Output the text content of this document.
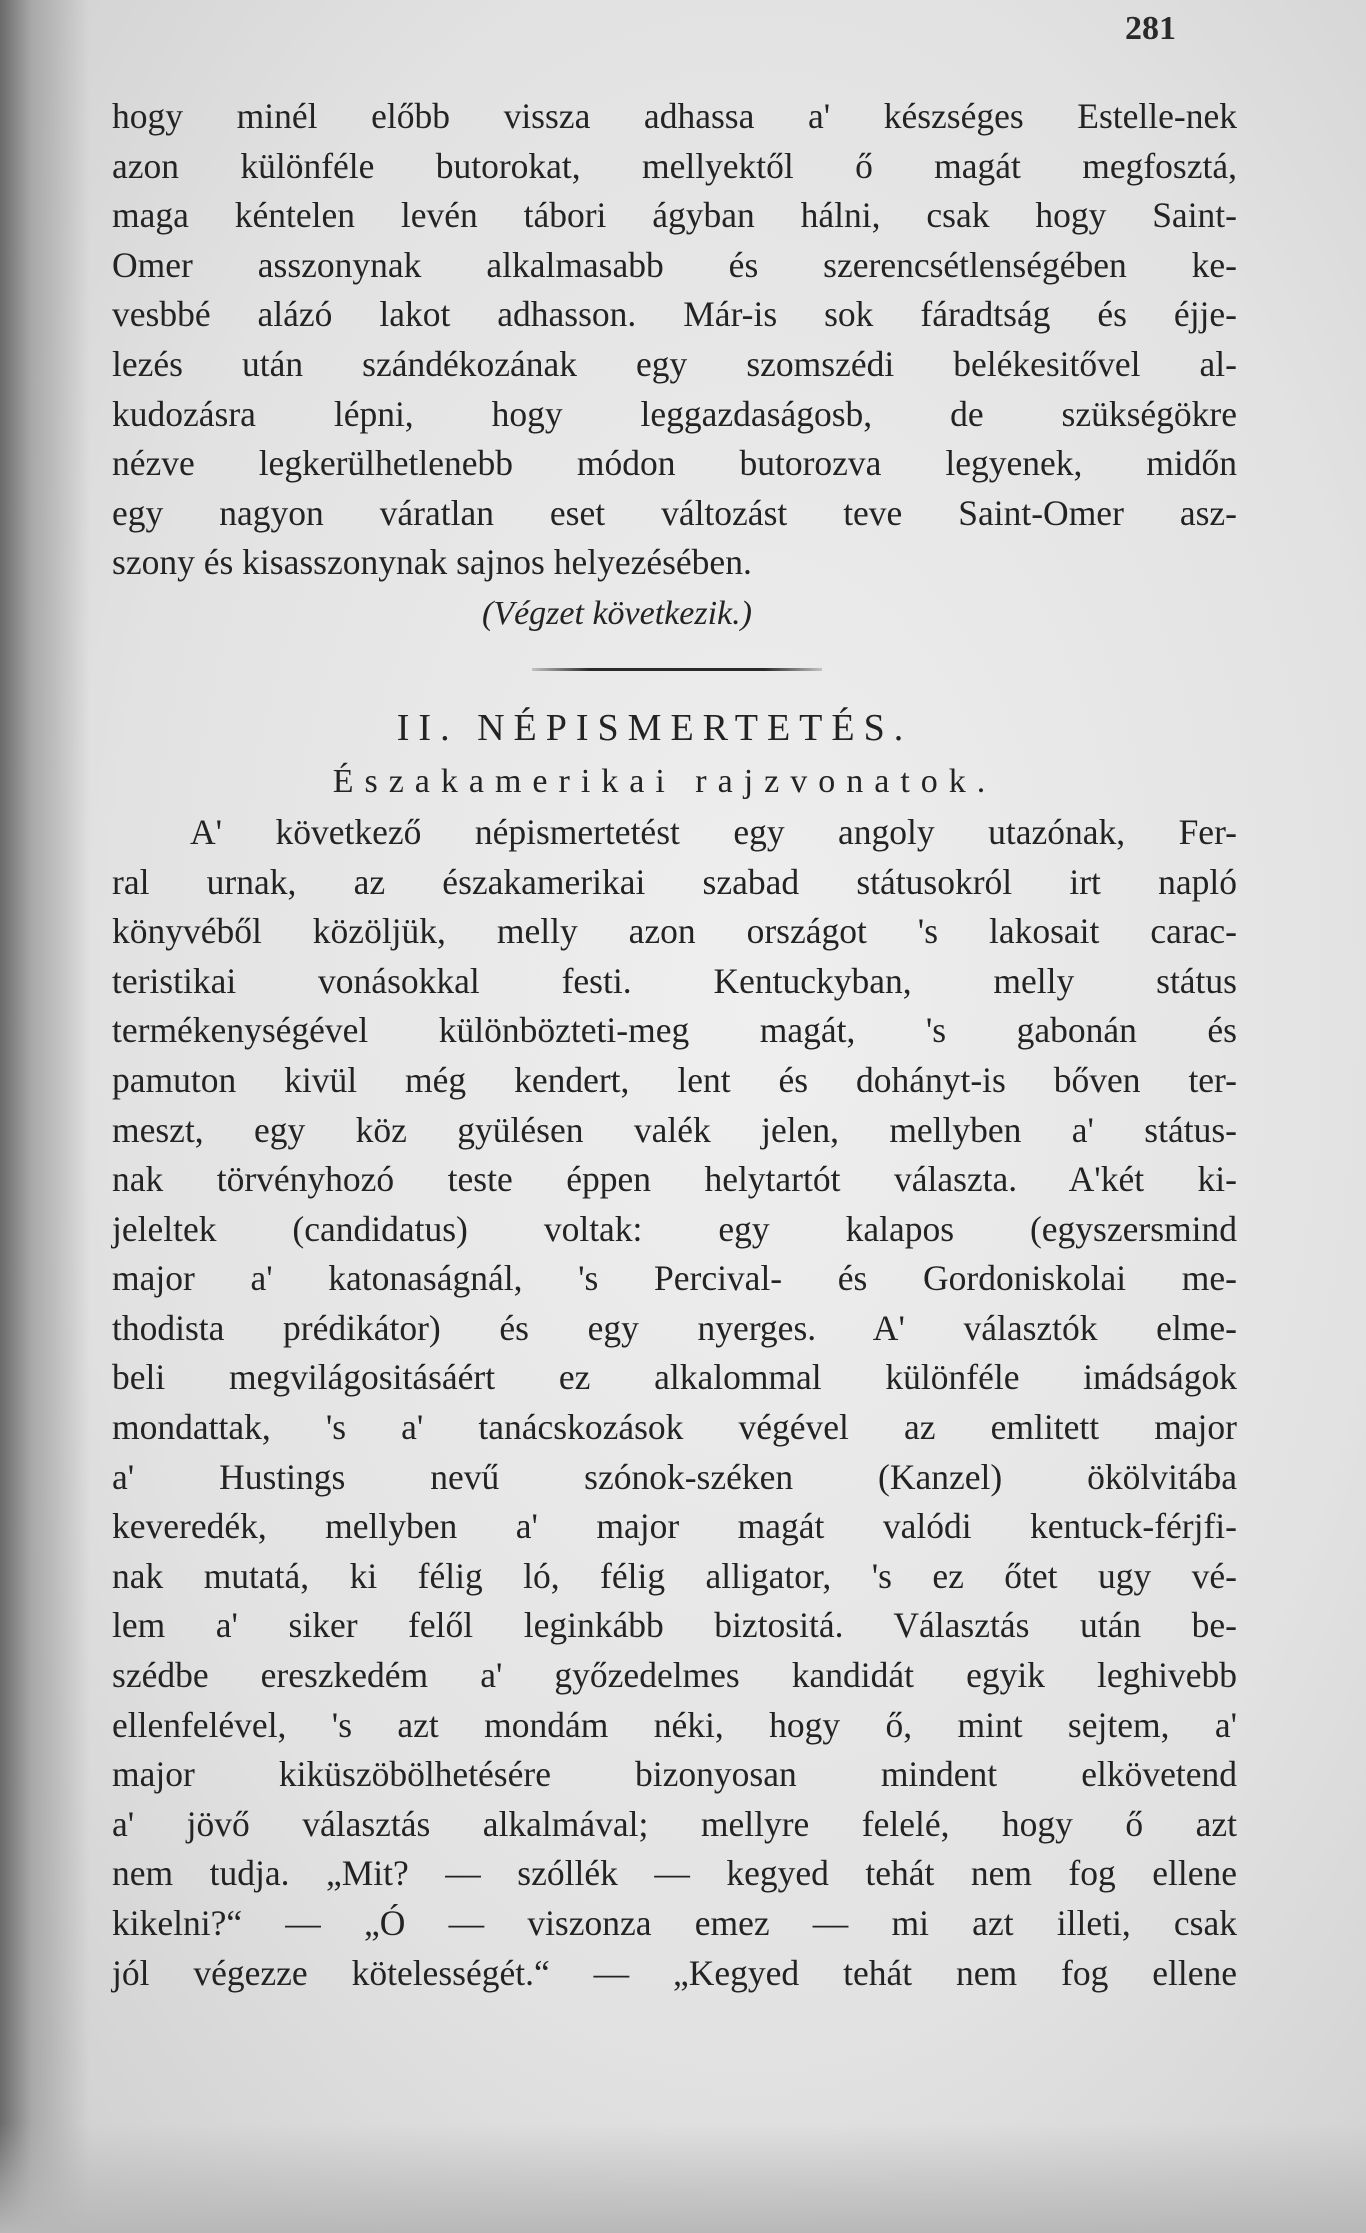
281
hogy minél előbb vissza adhassa a' készséges Estelle-nek
azon különféle butorokat, mellyektől ő magát megfosztá,
maga kéntelen levén tábori ágyban hálni, csak hogy Saint-
Omer asszonynak alkalmasabb és szerencsétlenségében ke-
vesbbé alázó lakot adhasson. Már-is sok fáradtság és éjje-
lezés után szándékozának egy szomszédi belékesitővel al-
kudozásra lépni, hogy leggazdaságosb, de szükségökre
nézve legkerülhetlenebb módon butorozva legyenek, midőn
egy nagyon váratlan eset változást teve Saint-Omer asz-
szony és kisasszonynak sajnos helyezésében.
(Végzet következik.)
II. NÉPISMERTETÉS.
Északamerikai rajzvonatok.
A' következő népismertetést egy angoly utazónak, Fer-
ral urnak, az északamerikai szabad státusokról irt napló
könyvéből közöljük, melly azon országot 's lakosait carac-
teristikai vonásokkal festi. Kentuckyban, melly státus
termékenységével különbözteti-meg magát, 's gabonán és
pamuton kivül még kendert, lent és dohányt-is bőven ter-
meszt, egy köz gyülésen valék jelen, mellyben a' státus-
nak törvényhozó teste éppen helytartót választa. A'két ki-
jeleltek (candidatus) voltak: egy kalapos (egyszersmind
major a' katonaságnál, 's Percival- és Gordoniskolai me-
thodista prédikátor) és egy nyerges. A' választók elme-
beli megvilágositásáért ez alkalommal különféle imádságok
mondattak, 's a' tanácskozások végével az emlitett major
a' Hustings nevű szónok-széken (Kanzel) ökölvitába
keveredék, mellyben a' major magát valódi kentuck-férjfi-
nak mutatá, ki félig ló, félig alligator, 's ez őtet ugy vé-
lem a' siker felől leginkább biztositá. Választás után be-
szédbe ereszkedém a' győzedelmes kandidát egyik leghivebb
ellenfelével, 's azt mondám néki, hogy ő, mint sejtem, a'
major kiküszöbölhetésére bizonyosan mindent elkövetend
a' jövő választás alkalmával; mellyre felelé, hogy ő azt
nem tudja. „Mit? — szóllék — kegyed tehát nem fog ellene
kikelni?“ — „Ó — viszonza emez — mi azt illeti, csak
jól végezze kötelességét.“ — „Kegyed tehát nem fog ellene
